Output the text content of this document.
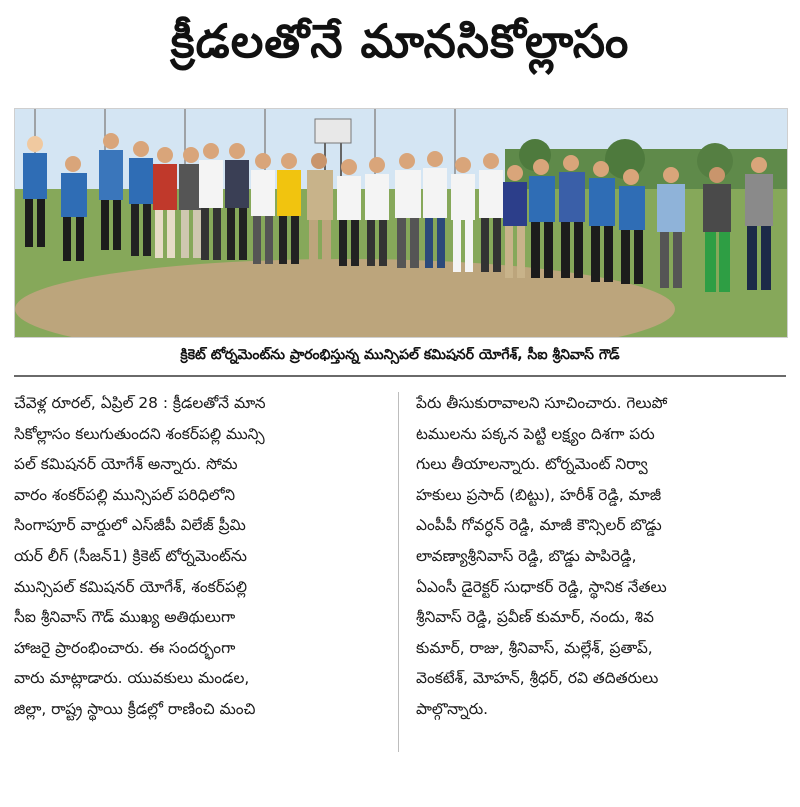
క్రీడలతోనే మానసికోల్లాసం
క్రికెట్ టోర్నమెంట్‌ను ప్రారంభిస్తున్న మున్సిపల్ కమిషనర్ యోగేశ్, సీఐ శ్రీనివాస్ గౌడ్
చేవెళ్ల రూరల్, ఏప్రిల్ 28 : క్రీడలతోనే మాన
సికోల్లాసం కలుగుతుందని శంకర్‌పల్లి మున్సి
పల్ కమిషనర్ యోగేశ్ అన్నారు. సోమ
వారం శంకర్‌పల్లి మున్సిపల్ పరిధిలోని
సింగాపూర్ వార్డులో ఎస్‌జీపీ విలేజ్ ప్రీమి
యర్ లీగ్ (సీజన్1) క్రికెట్ టోర్నమెంట్‌ను
మున్సిపల్ కమిషనర్ యోగేశ్, శంకర్‌పల్లి
సీఐ శ్రీనివాస్ గౌడ్ ముఖ్య అతిథులుగా
హాజరై ప్రారంభించారు. ఈ సందర్భంగా
వారు మాట్లాడారు. యువకులు మండల,
జిల్లా, రాష్ట్ర స్థాయి క్రీడల్లో రాణించి మంచి
పేరు తీసుకురావాలని సూచించారు. గెలుపో
టములను పక్కన పెట్టి లక్ష్యం దిశగా పరు
గులు తీయాలన్నారు. టోర్నమెంట్ నిర్వా
హకులు ప్రసాద్ (బిట్టు), హరీశ్ రెడ్డి, మాజీ
ఎంపీపీ గోవర్ధన్ రెడ్డి, మాజీ కౌన్సిలర్ బొడ్డు
లావణ్యాశ్రీనివాస్ రెడ్డి, బొడ్డు పాపిరెడ్డి,
ఏఎంసీ డైరెక్టర్ సుధాకర్ రెడ్డి, స్థానిక నేతలు
శ్రీనివాస్ రెడ్డి, ప్రవీణ్ కుమార్, నందు, శివ
కుమార్, రాజు, శ్రీనివాస్, మల్లేశ్, ప్రతాప్,
వెంకటేశ్, మోహన్, శ్రీధర్, రవి తదితరులు
పాల్గొన్నారు.
